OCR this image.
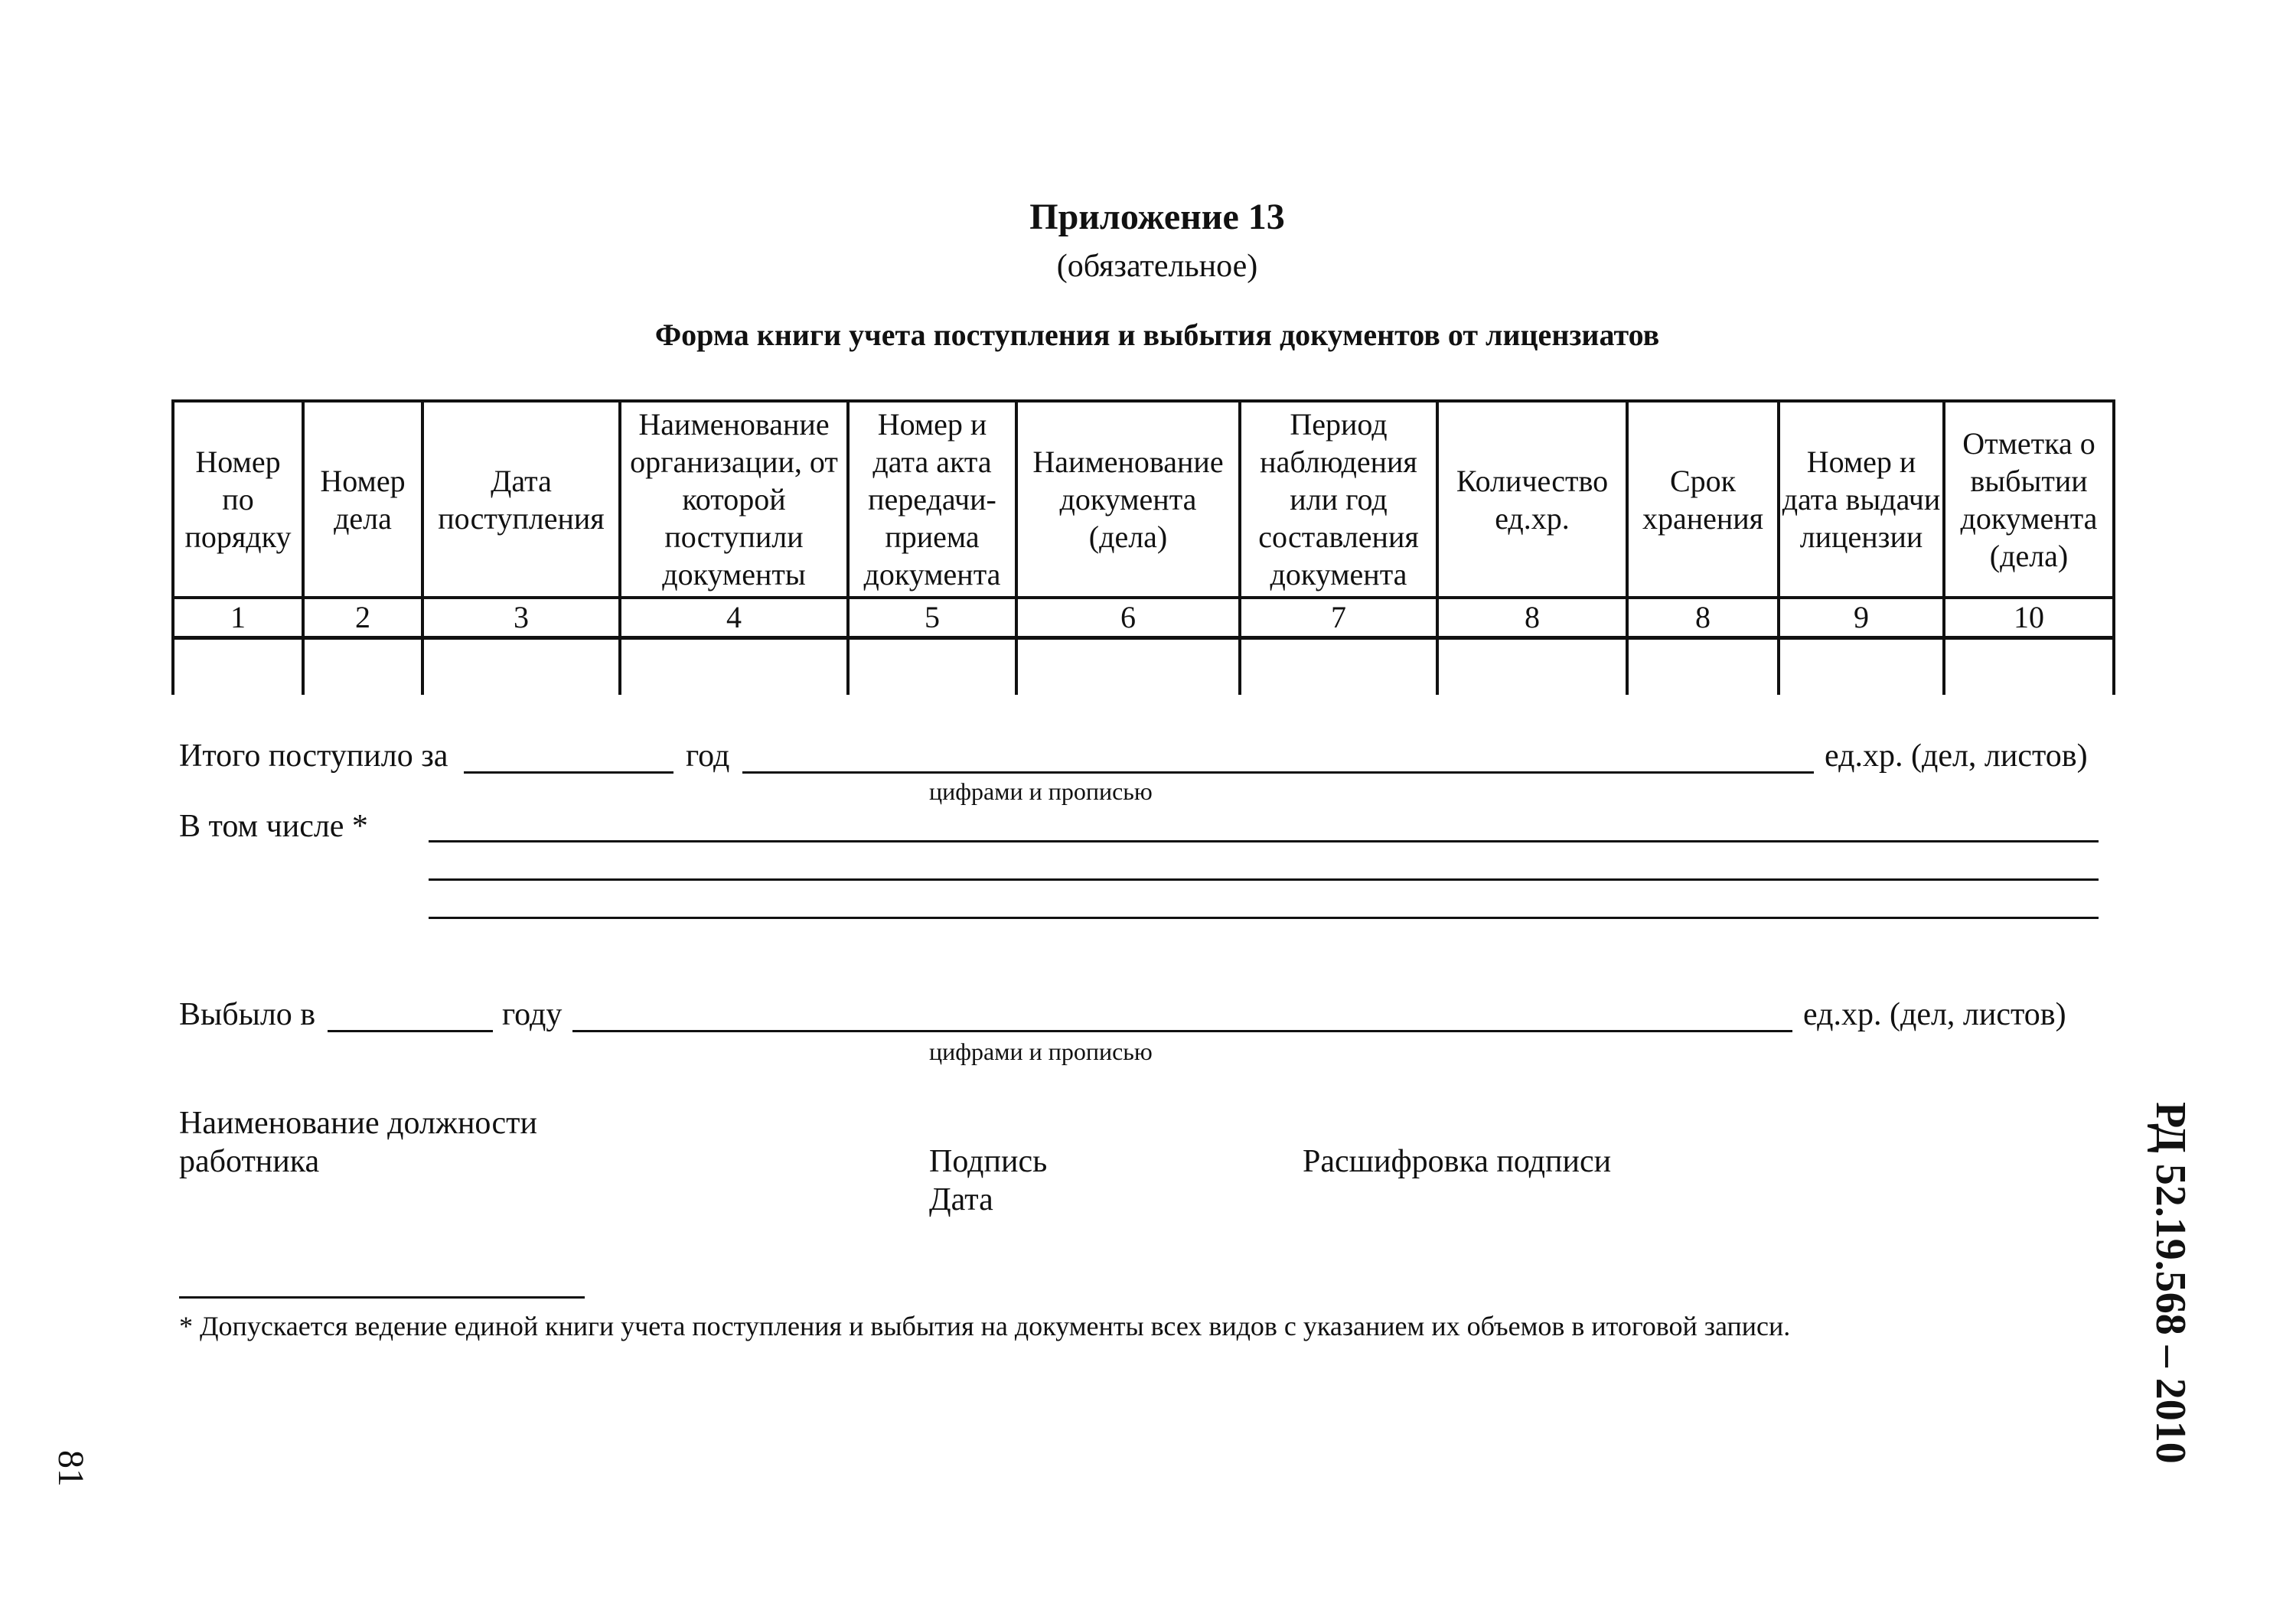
Приложение 13
(обязательное)
Форма книги учета поступления и выбытия документов от лицензиатов
Номер по порядку	Номер дела	Дата поступления	Наименование организации, от которой поступили документы	Номер и дата акта передачи-приема документа	Наименование документа (дела)	Период наблюдения или год составления документа	Количество ед.хр.	Срок хранения	Номер и дата выдачи лицензии	Отметка о выбытии документа (дела)
1	2	3	4	5	6	7	8	8	9	10

Итого поступило за	год	ед.хр. (дел, листов)
цифрами и прописью
В том числе *
Выбыло в	году	ед.хр. (дел, листов)
цифрами и прописью
Наименование должности
работника	Подпись
Дата
Расшифровка подписи
* Допускается ведение единой книги учета поступления и выбытия на документы всех видов с указанием их объемов в итоговой записи.
81
РД 52.19.568 – 2010
